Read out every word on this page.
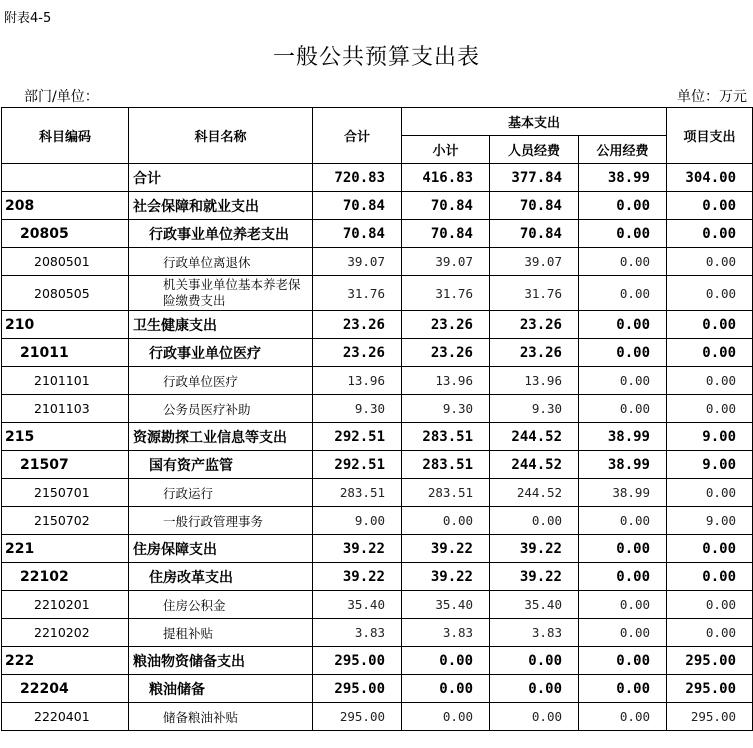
附表4-5
一般公共预算支出表
部门/单位：	单位：万元
科目编码	科目名称	合计	基本支出			项目支出
			小计	人员经费	公用经费	
	合计	720.83	416.83	377.84	38.99	304.00
208	社会保障和就业支出	70.84	70.84	70.84	0.00	0.00
20805	行政事业单位养老支出	70.84	70.84	70.84	0.00	0.00
2080501	行政单位离退休	39.07	39.07	39.07	0.00	0.00
2080505	机关事业单位基本养老保险缴费支出	31.76	31.76	31.76	0.00	0.00
210	卫生健康支出	23.26	23.26	23.26	0.00	0.00
21011	行政事业单位医疗	23.26	23.26	23.26	0.00	0.00
2101101	行政单位医疗	13.96	13.96	13.96	0.00	0.00
2101103	公务员医疗补助	9.30	9.30	9.30	0.00	0.00
215	资源勘探工业信息等支出	292.51	283.51	244.52	38.99	9.00
21507	国有资产监管	292.51	283.51	244.52	38.99	9.00
2150701	行政运行	283.51	283.51	244.52	38.99	0.00
2150702	一般行政管理事务	9.00	0.00	0.00	0.00	9.00
221	住房保障支出	39.22	39.22	39.22	0.00	0.00
22102	住房改革支出	39.22	39.22	39.22	0.00	0.00
2210201	住房公积金	35.40	35.40	35.40	0.00	0.00
2210202	提租补贴	3.83	3.83	3.83	0.00	0.00
222	粮油物资储备支出	295.00	0.00	0.00	0.00	295.00
22204	粮油储备	295.00	0.00	0.00	0.00	295.00
2220401	储备粮油补贴	295.00	0.00	0.00	0.00	295.00
